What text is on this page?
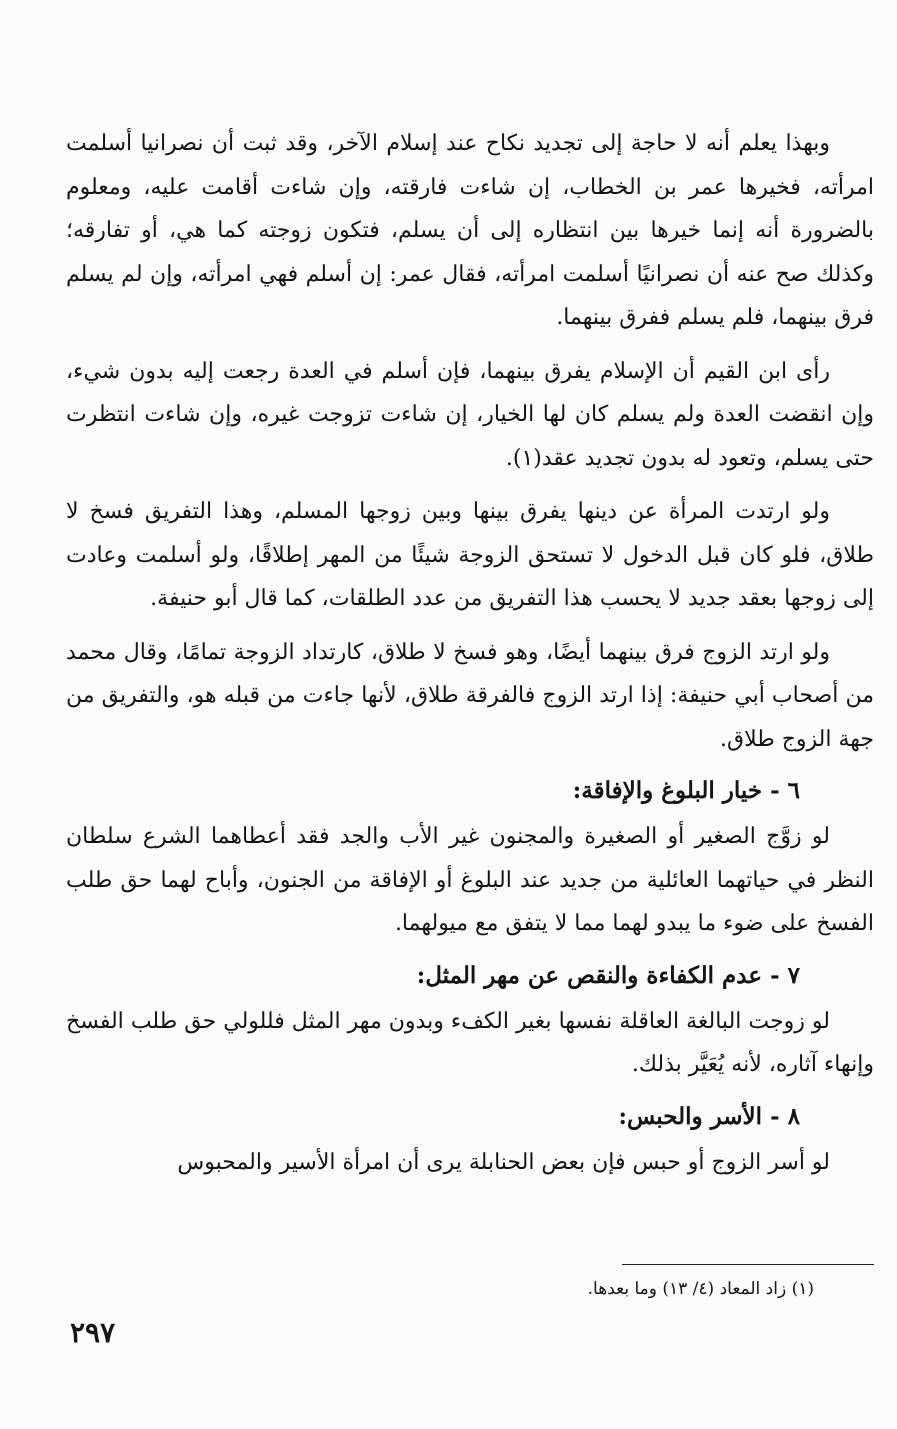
وبهذا يعلم أنه لا حاجة إلى تجديد نكاح عند إسلام الآخر، وقد ثبت أن نصرانيا أسلمت امرأته، فخيرها عمر بن الخطاب، إن شاءت فارقته، وإن شاءت أقامت عليه، ومعلوم بالضرورة أنه إنما خيرها بين انتظاره إلى أن يسلم، فتكون زوجته كما هي، أو تفارقه؛ وكذلك صح عنه أن نصرانيًا أسلمت امرأته، فقال عمر: إن أسلم فهي امرأته، وإن لم يسلم فرق بينهما، فلم يسلم ففرق بينهما.

رأى ابن القيم أن الإسلام يفرق بينهما، فإن أسلم في العدة رجعت إليه بدون شيء، وإن انقضت العدة ولم يسلم كان لها الخيار، إن شاءت تزوجت غيره، وإن شاءت انتظرت حتى يسلم، وتعود له بدون تجديد عقد(١).

ولو ارتدت المرأة عن دينها يفرق بينها وبين زوجها المسلم، وهذا التفريق فسخ لا طلاق، فلو كان قبل الدخول لا تستحق الزوجة شيئًا من المهر إطلاقًا، ولو أسلمت وعادت إلى زوجها بعقد جديد لا يحسب هذا التفريق من عدد الطلقات، كما قال أبو حنيفة.

ولو ارتد الزوج فرق بينهما أيضًا، وهو فسخ لا طلاق، كارتداد الزوجة تمامًا، وقال محمد من أصحاب أبي حنيفة: إذا ارتد الزوج فالفرقة طلاق، لأنها جاءت من قبله هو، والتفريق من جهة الزوج طلاق.

٦ - خيار البلوغ والإفاقة:

لو زوَّج الصغير أو الصغيرة والمجنون غير الأب والجد فقد أعطاهما الشرع سلطان النظر في حياتهما العائلية من جديد عند البلوغ أو الإفاقة من الجنون، وأباح لهما حق طلب الفسخ على ضوء ما يبدو لهما مما لا يتفق مع ميولهما.

٧ - عدم الكفاءة والنقص عن مهر المثل:

لو زوجت البالغة العاقلة نفسها بغير الكفء وبدون مهر المثل فللولي حق طلب الفسخ وإنهاء آثاره، لأنه يُعَيَّر بذلك.

٨ - الأسر والحبس:

لو أسر الزوج أو حبس فإن بعض الحنابلة يرى أن امرأة الأسير والمحبوس

(١) زاد المعاد (٤/ ١٣) وما بعدها.
٢٩٧
